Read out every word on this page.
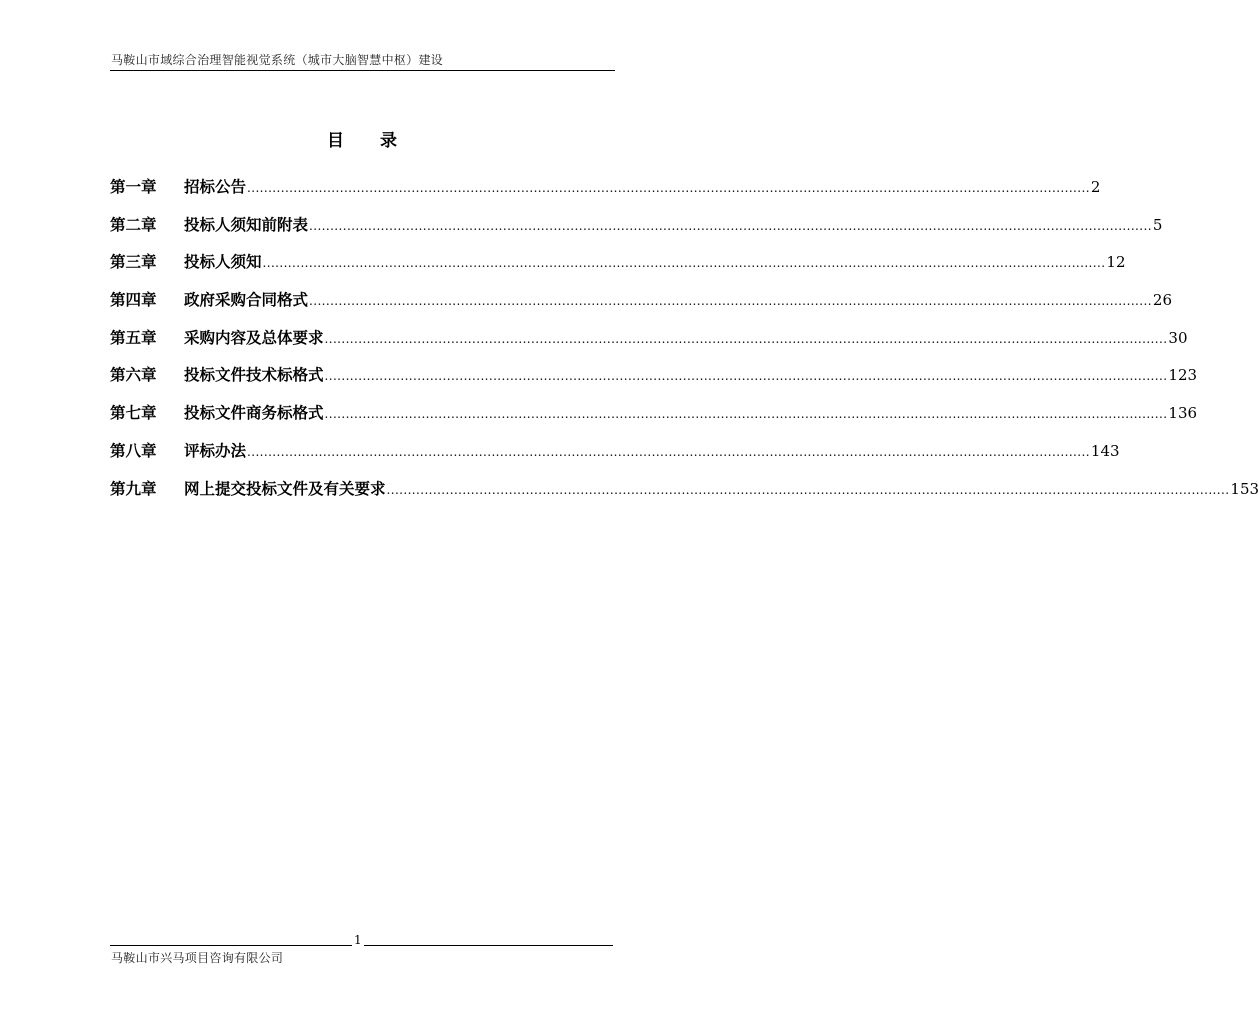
马鞍山市域综合治理智能视觉系统（城市大脑智慧中枢）建设
目 录
第一章	招标公告 ........................................................................................................................................................................................................ 2
第二章	投标人须知前附表 ........................................................................................................................................................................................................ 5
第三章	投标人须知 ........................................................................................................................................................................................................ 12
第四章	政府采购合同格式 ........................................................................................................................................................................................................ 26
第五章	采购内容及总体要求 ........................................................................................................................................................................................................ 30
第六章	投标文件技术标格式 ........................................................................................................................................................................................................ 123
第七章	投标文件商务标格式 ........................................................................................................................................................................................................ 136
第八章	评标办法 ........................................................................................................................................................................................................ 143
第九章	网上提交投标文件及有关要求 ........................................................................................................................................................................................................ 153
1
马鞍山市兴马项目咨询有限公司
